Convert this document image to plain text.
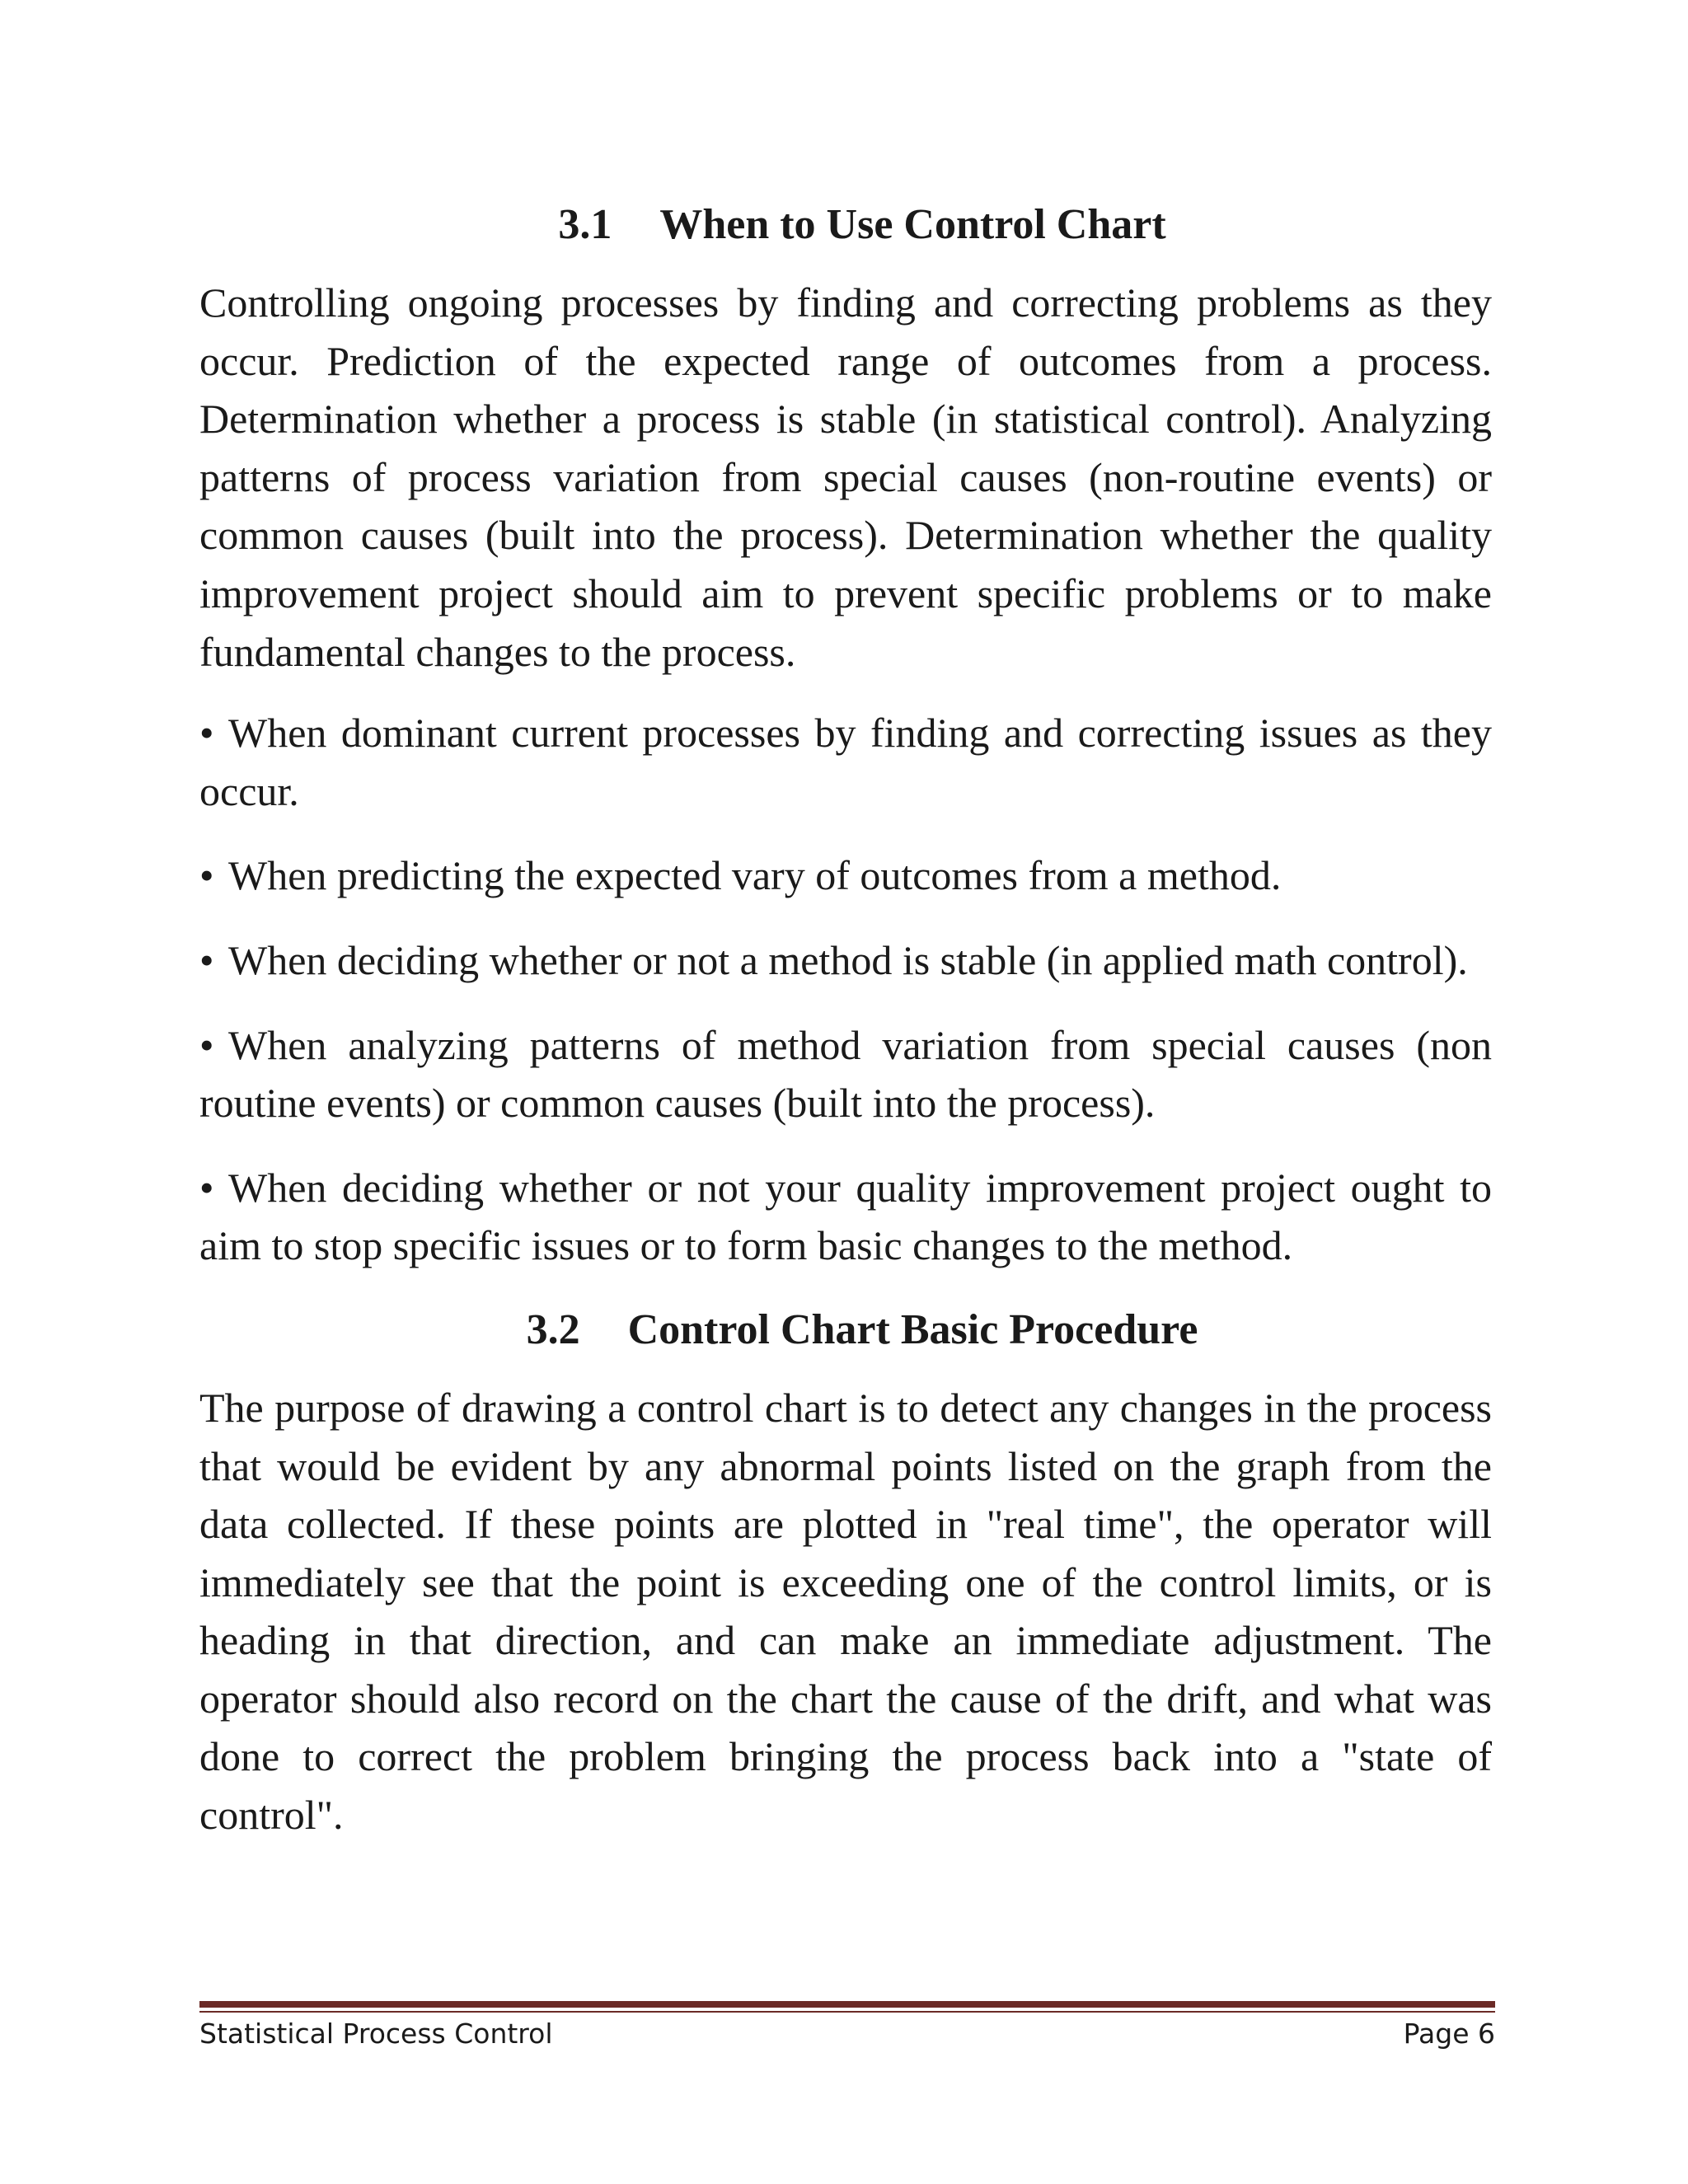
3.1 When to Use Control Chart

Controlling ongoing processes by finding and correcting problems as they occur. Prediction of the expected range of outcomes from a process. Determination whether a process is stable (in statistical control). Analyzing patterns of process variation from special causes (non-routine events) or common causes (built into the process). Determination whether the quality improvement project should aim to prevent specific problems or to make fundamental changes to the process.

• When dominant current processes by finding and correcting issues as they occur.
• When predicting the expected vary of outcomes from a method.
• When deciding whether or not a method is stable (in applied math control).
• When analyzing patterns of method variation from special causes (non routine events) or common causes (built into the process).
• When deciding whether or not your quality improvement project ought to aim to stop specific issues or to form basic changes to the method.
3.2 Control Chart Basic Procedure

The purpose of drawing a control chart is to detect any changes in the process that would be evident by any abnormal points listed on the graph from the data collected. If these points are plotted in "real time", the operator will immediately see that the point is exceeding one of the control limits, or is heading in that direction, and can make an immediate adjustment. The operator should also record on the chart the cause of the drift, and what was done to correct the problem bringing the process back into a "state of control".

Statistical Process Control	Page 6
